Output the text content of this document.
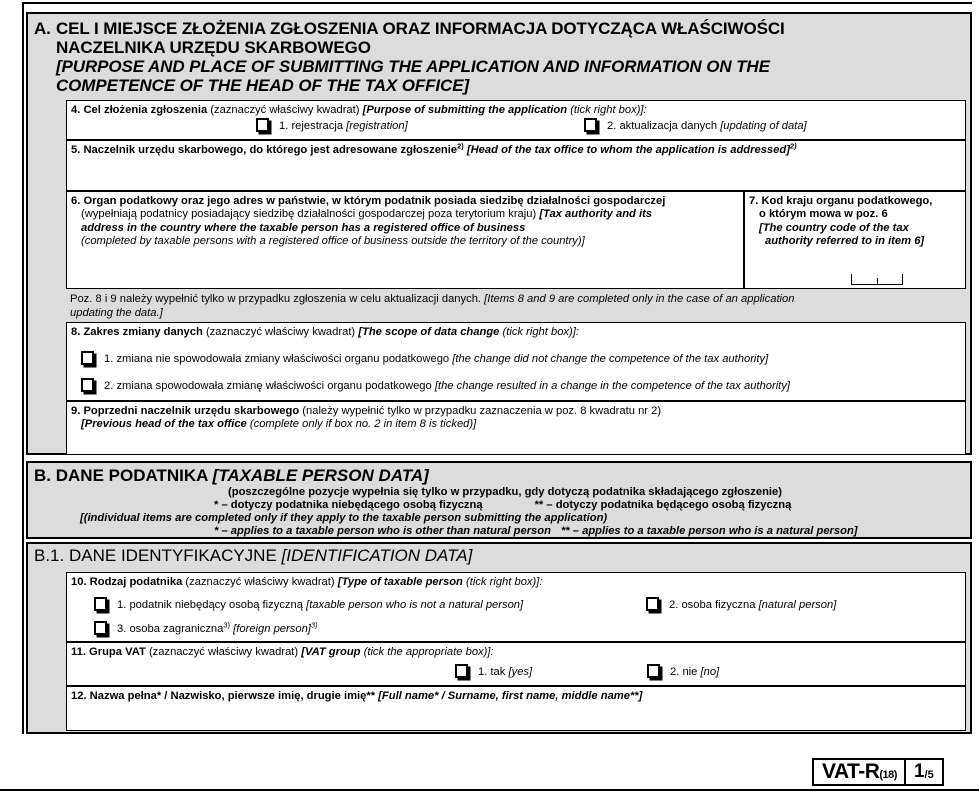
A. CEL I MIEJSCE ZŁOŻENIA ZGŁOSZENIA ORAZ INFORMACJA DOTYCZĄCA WŁAŚCIWOŚCI
NACZELNIKA URZĘDU SKARBOWEGO
[PURPOSE AND PLACE OF SUBMITTING THE APPLICATION AND INFORMATION ON THE
COMPETENCE OF THE HEAD OF THE TAX OFFICE]
4. Cel złożenia zgłoszenia (zaznaczyć właściwy kwadrat) [Purpose of submitting the application (tick right box)]:
1. rejestracja [registration]	2. aktualizacja danych [updating of data]
5. Naczelnik urzędu skarbowego, do którego jest adresowane zgłoszenie$^{2)}$ [Head of the tax office to whom the application is addressed]$^{2)}$
6. Organ podatkowy oraz jego adres w państwie, w którym podatnik posiada siedzibę działalności gospodarczej
(wypełniają podatnicy posiadający siedzibę działalności gospodarczej poza terytorium kraju) [Tax authority and its
address in the country where the taxable person has a registered office of business
(completed by taxable persons with a registered office of business outside the territory of the country)]
7. Kod kraju organu podatkowego,
o którym mowa w poz. 6
[The country code of the tax
authority referred to in item 6]
Poz. 8 i 9 należy wypełnić tylko w przypadku zgłoszenia w celu aktualizacji danych. [Items 8 and 9 are completed only in the case of an application
updating the data.]
8. Zakres zmiany danych (zaznaczyć właściwy kwadrat) [The scope of data change (tick right box)]:
1. zmiana nie spowodowała zmiany właściwości organu podatkowego [the change did not change the competence of the tax authority]
2. zmiana spowodowała zmianę właściwości organu podatkowego [the change resulted in a change in the competence of the tax authority]
9. Poprzedni naczelnik urzędu skarbowego (należy wypełnić tylko w przypadku zaznaczenia w poz. 8 kwadratu nr 2)
[Previous head of the tax office (complete only if box no. 2 in item 8 is ticked)]
B. DANE PODATNIKA [TAXABLE PERSON DATA]
(poszczególne pozycje wypełnia się tylko w przypadku, gdy dotyczą podatnika składającego zgłoszenie)
* – dotyczy podatnika niebędącego osobą fizyczną	** – dotyczy podatnika będącego osobą fizyczną
[(individual items are completed only if they apply to the taxable person submitting the application)
* – applies to a taxable person who is other than natural person ** – applies to a taxable person who is a natural person]
B.1. DANE IDENTYFIKACYJNE [IDENTIFICATION DATA]
10. Rodzaj podatnika (zaznaczyć właściwy kwadrat) [Type of taxable person (tick right box)]:
1. podatnik niebędący osobą fizyczną [taxable person who is not a natural person]	2. osoba fizyczna [natural person]
3. osoba zagraniczna$^{3)}$ [foreign person]$^{3)}$
11. Grupa VAT (zaznaczyć właściwy kwadrat) [VAT group (tick the appropriate box)]:
1. tak [yes]	2. nie [no]
12. Nazwa pełna* / Nazwisko, pierwsze imię, drugie imię** [Full name* / Surname, first name, middle name**]
VAT-$R_{(18)}$ 1 /5
